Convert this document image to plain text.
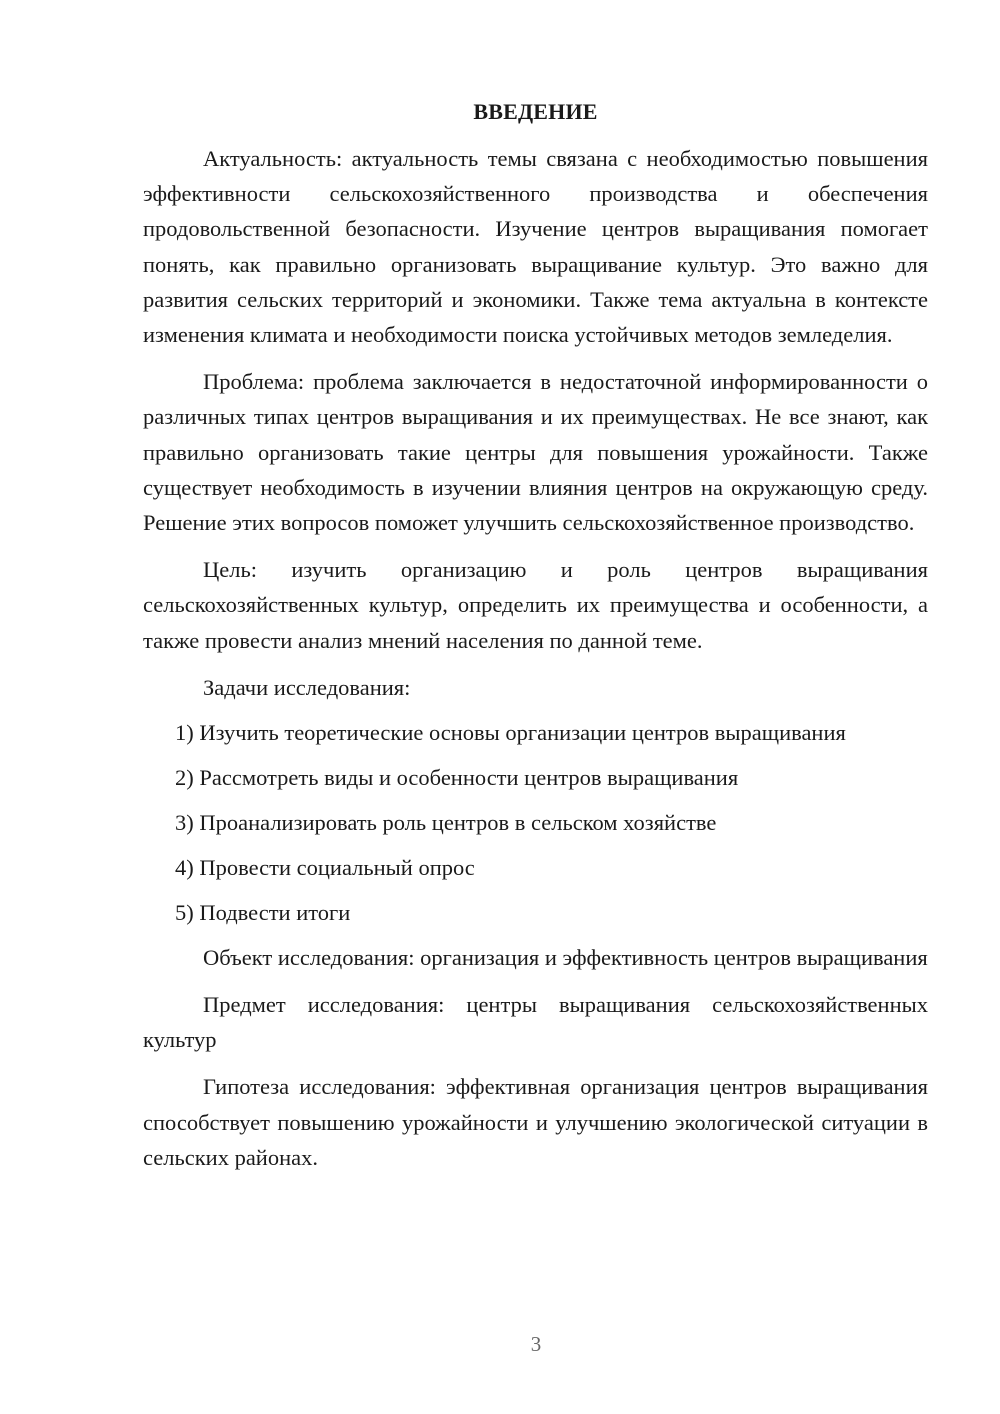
ВВЕДЕНИЕ

Актуальность: актуальность темы связана с необходимостью повышения эффективности сельскохозяйственного производства и обеспечения продовольственной безопасности. Изучение центров выращивания помогает понять, как правильно организовать выращивание культур. Это важно для развития сельских территорий и экономики. Также тема актуальна в контексте изменения климата и необходимости поиска устойчивых методов земледелия.

Проблема: проблема заключается в недостаточной информированности о различных типах центров выращивания и их преимуществах. Не все знают, как правильно организовать такие центры для повышения урожайности. Также существует необходимость в изучении влияния центров на окружающую среду. Решение этих вопросов поможет улучшить сельскохозяйственное производство.

Цель: изучить организацию и роль центров выращивания сельскохозяйственных культур, определить их преимущества и особенности, а также провести анализ мнений населения по данной теме.

Задачи исследования:
1) Изучить теоретические основы организации центров выращивания
2) Рассмотреть виды и особенности центров выращивания
3) Проанализировать роль центров в сельском хозяйстве
4) Провести социальный опрос
5) Подвести итоги

Объект исследования: организация и эффективность центров выращивания

Предмет исследования: центры выращивания сельскохозяйственных культур

Гипотеза исследования: эффективная организация центров выращивания способствует повышению урожайности и улучшению экологической ситуации в сельских районах.

3
